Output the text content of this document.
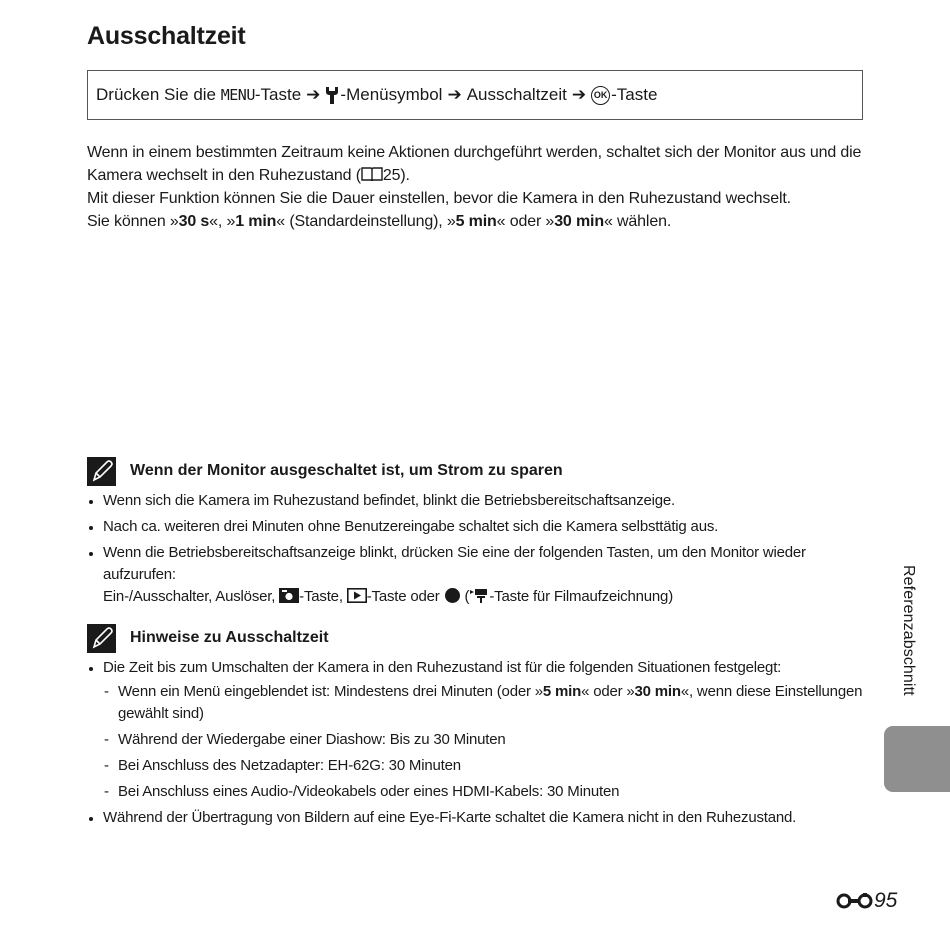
Ausschaltzeit
Drücken Sie die
MENU -Taste ➔ -Menüsymbol ➔ Ausschaltzeit ➔ OK -Taste

Wenn in einem bestimmten Zeitraum keine Aktionen durchgeführt werden, schaltet sich der Monitor aus und die Kamera wechselt in den Ruhezustand ( 25).

Mit dieser Funktion können Sie die Dauer einstellen, bevor die Kamera in den Ruhezustand wechselt.

Sie können »30 s«, »1 min« (Standardeinstellung), »5 min« oder »30 min« wählen.

Wenn der Monitor ausgeschaltet ist, um Strom zu sparen
Wenn sich die Kamera im Ruhezustand befindet, blinkt die Betriebsbereitschaftsanzeige.
Nach ca. weiteren drei Minuten ohne Benutzereingabe schaltet sich die Kamera selbsttätig aus.
Wenn die Betriebsbereitschaftsanzeige blinkt, drücken Sie eine der folgenden Tasten, um den Monitor wieder aufzurufen:
Ein-/Ausschalter, Auslöser, -Taste, -Taste oder  ( -Taste für Filmaufzeichnung)
Hinweise zu Ausschaltzeit
Die Zeit bis zum Umschalten der Kamera in den Ruhezustand ist für die folgenden Situationen festgelegt:
- Wenn ein Menü eingeblendet ist: Mindestens drei Minuten (oder »5 min« oder »30 min«, wenn diese Einstellungen gewählt sind)
- Während der Wiedergabe einer Diashow: Bis zu 30 Minuten
- Bei Anschluss des Netzadapter: EH-62G: 30 Minuten
- Bei Anschluss eines Audio-/Videokabels oder eines HDMI-Kabels: 30 Minuten
Während der Übertragung von Bildern auf eine Eye-Fi-Karte schaltet die Kamera nicht in den Ruhezustand.
Referenzabschnitt
95
